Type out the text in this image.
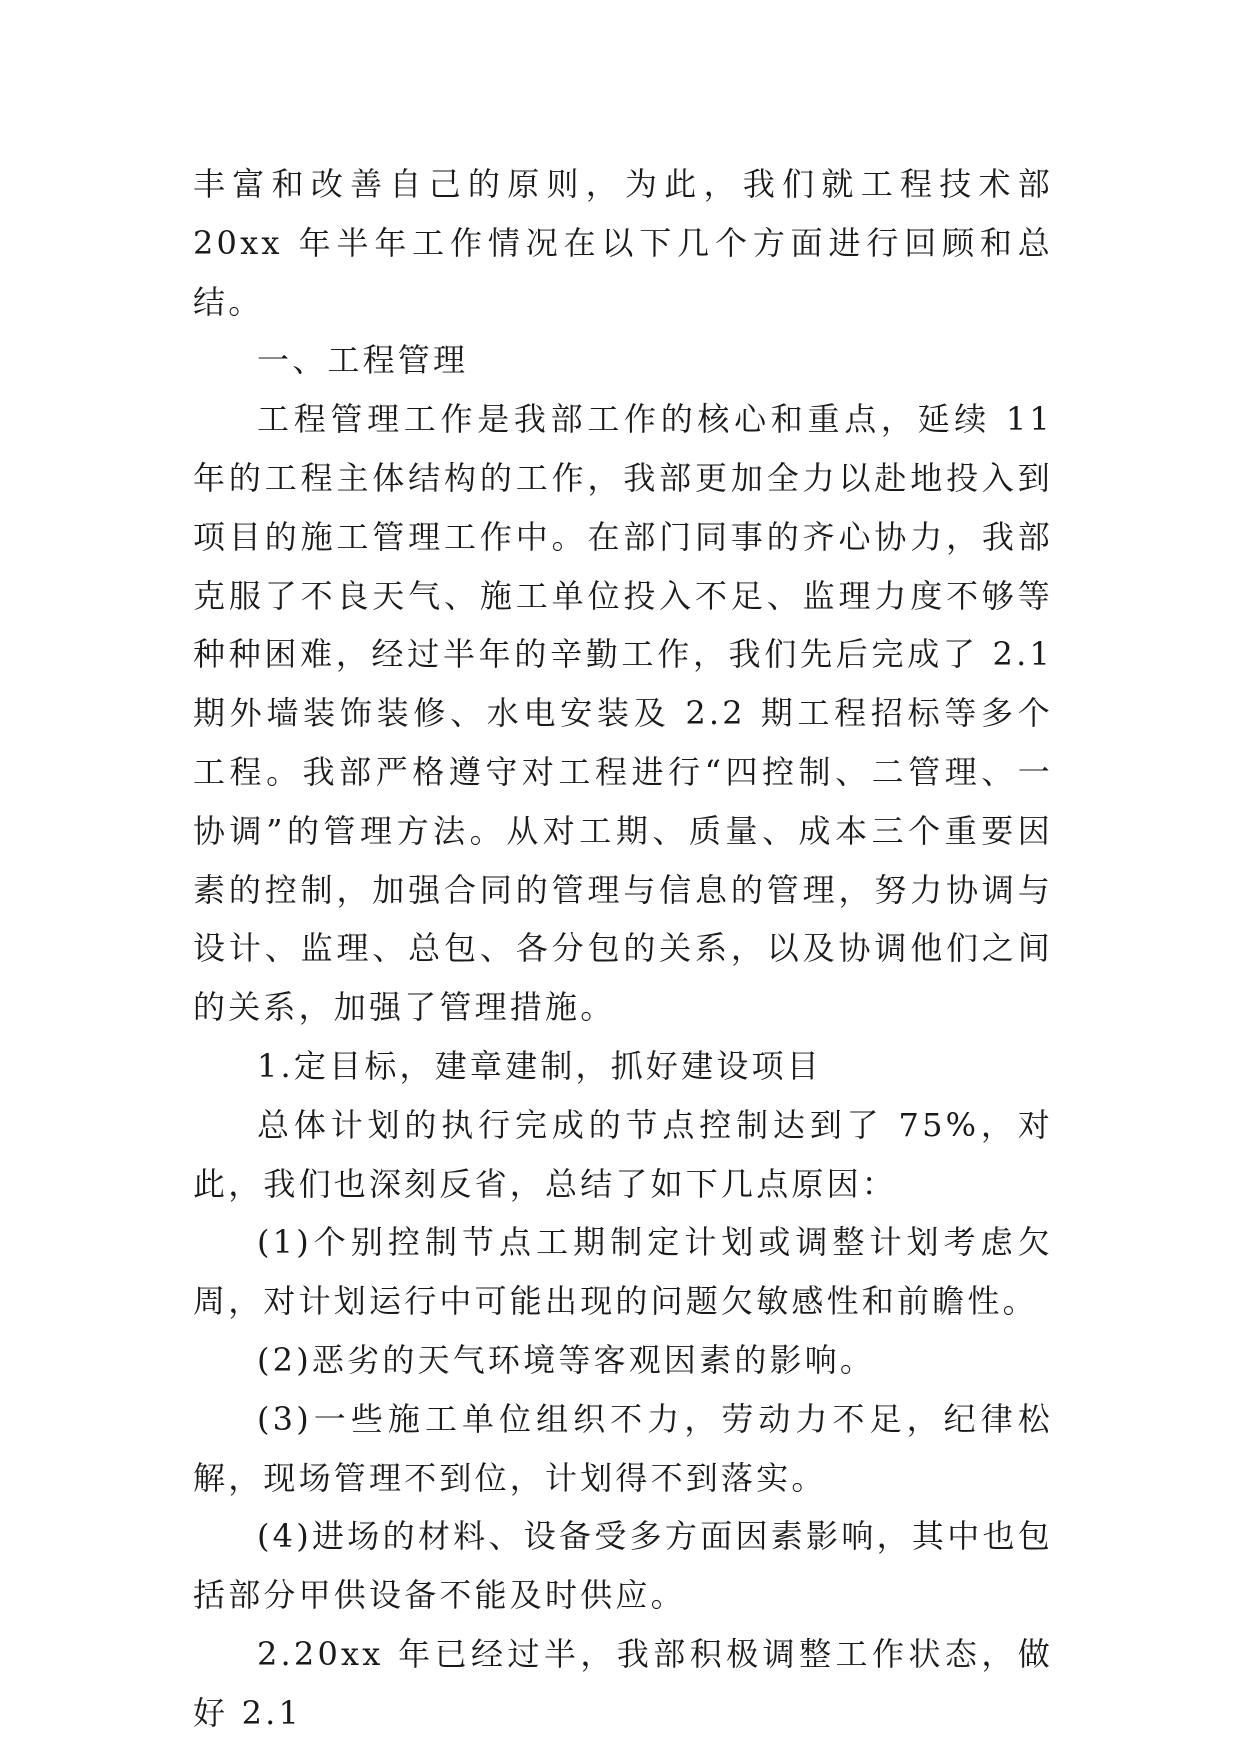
丰富和改善自己的原则，为此，我们就工程技术部 20xx 年半年工作情况在以下几个方面进行回顾和总结。

一、工程管理

工程管理工作是我部工作的核心和重点，延续 11 年的工程主体结构的工作，我部更加全力以赴地投入到项目的施工管理工作中。在部门同事的齐心协力，我部克服了不良天气、施工单位投入不足、监理力度不够等种种困难，经过半年的辛勤工作，我们先后完成了 2.1 期外墙装饰装修、水电安装及 2.2 期工程招标等多个工程。我部严格遵守对工程进行“四控制、二管理、一协调”的管理方法。从对工期、质量、成本三个重要因素的控制，加强合同的管理与信息的管理，努力协调与设计、监理、总包、各分包的关系，以及协调他们之间的关系，加强了管理措施。

1.定目标，建章建制，抓好建设项目

总体计划的执行完成的节点控制达到了 75%，对此，我们也深刻反省，总结了如下几点原因：

(1)个别控制节点工期制定计划或调整计划考虑欠周，对计划运行中可能出现的问题欠敏感性和前瞻性。

(2)恶劣的天气环境等客观因素的影响。

(3)一些施工单位组织不力，劳动力不足，纪律松解，现场管理不到位，计划得不到落实。

(4)进场的材料、设备受多方面因素影响，其中也包括部分甲供设备不能及时供应。

2.20xx 年已经过半，我部积极调整工作状态，做好 2.1
